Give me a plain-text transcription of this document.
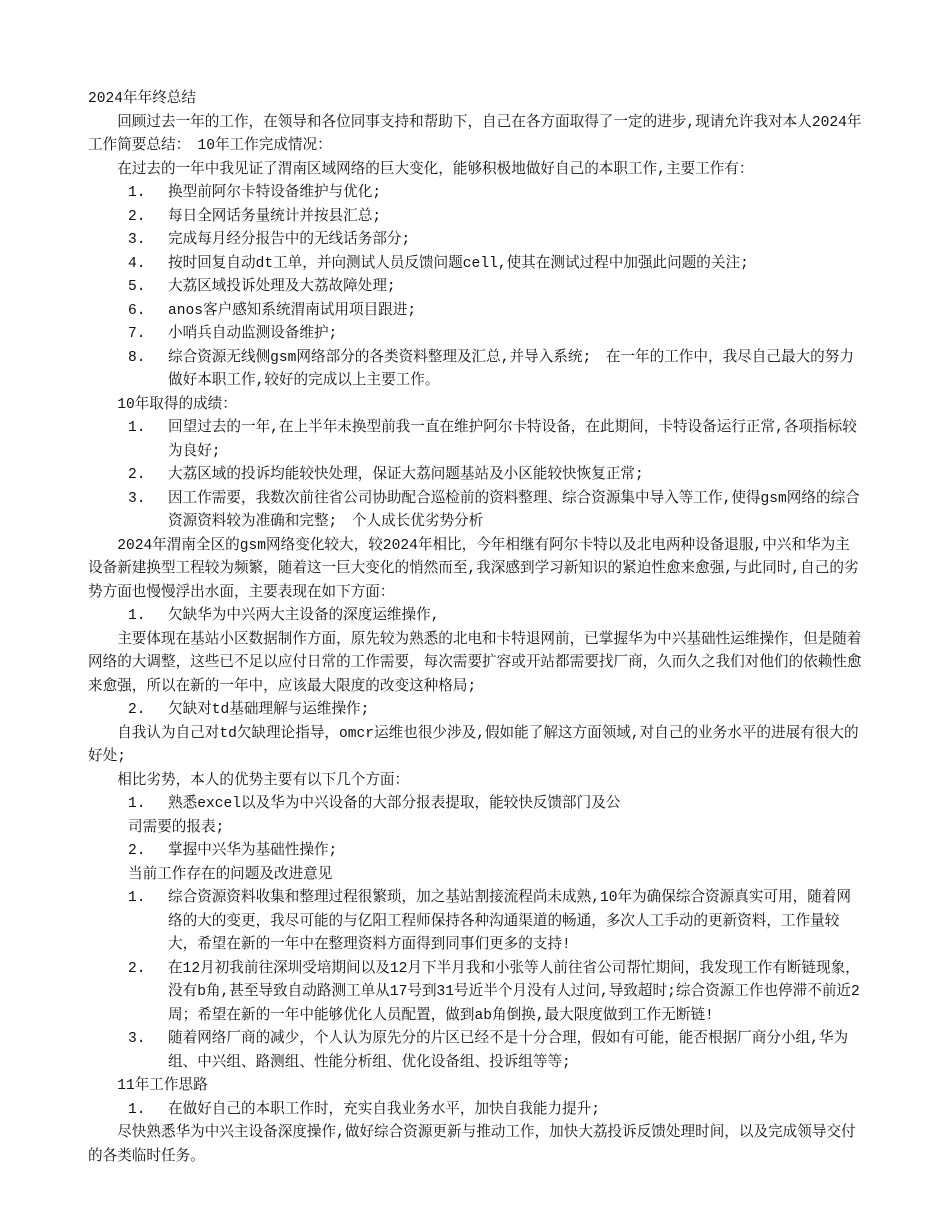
2024年年终总结

回顾过去一年的工作，在领导和各位同事支持和帮助下，自己在各方面取得了一定的进步,现请允许我对本人2024年工作简要总结：　10年工作完成情况：

在过去的一年中我见证了渭南区域网络的巨大变化，能够积极地做好自己的本职工作,主要工作有：

1.	换型前阿尔卡特设备维护与优化;
2.	每日全网话务量统计并按县汇总;
3.	完成每月经分报告中的无线话务部分;
4.	按时回复自动dt工单，并向测试人员反馈问题cell,使其在测试过程中加强此问题的关注;
5.	大荔区域投诉处理及大荔故障处理;
6.	anos客户感知系统渭南试用项目跟进;
7.	小哨兵自动监测设备维护;
8.	综合资源无线侧gsm网络部分的各类资料整理及汇总,并导入系统;　在一年的工作中，我尽自己最大的努力做好本职工作,较好的完成以上主要工作。

10年取得的成绩：

1.	回望过去的一年,在上半年未换型前我一直在维护阿尔卡特设备，在此期间，卡特设备运行正常,各项指标较为良好;
2.	大荔区域的投诉均能较快处理，保证大荔问题基站及小区能较快恢复正常;
3.	因工作需要，我数次前往省公司协助配合巡检前的资料整理、综合资源集中导入等工作,使得gsm网络的综合资源资料较为准确和完整;　个人成长优劣势分析

2024年渭南全区的gsm网络变化较大，较2024年相比，今年相继有阿尔卡特以及北电两种设备退服,中兴和华为主设备新建换型工程较为频繁，随着这一巨大变化的悄然而至,我深感到学习新知识的紧迫性愈来愈强,与此同时,自己的劣势方面也慢慢浮出水面，主要表现在如下方面：

1.	欠缺华为中兴两大主设备的深度运维操作,

主要体现在基站小区数据制作方面，原先较为熟悉的北电和卡特退网前，已掌握华为中兴基础性运维操作，但是随着网络的大调整，这些已不足以应付日常的工作需要，每次需要扩容或开站都需要找厂商，久而久之我们对他们的依赖性愈来愈强，所以在新的一年中，应该最大限度的改变这种格局;

2.	欠缺对td基础理解与运维操作;

自我认为自己对td欠缺理论指导，omcr运维也很少涉及,假如能了解这方面领域,对自己的业务水平的进展有很大的好处;

相比劣势，本人的优势主要有以下几个方面：

1.	熟悉excel以及华为中兴设备的大部分报表提取，能较快反馈部门及公

司需要的报表;

2.	掌握中兴华为基础性操作;

当前工作存在的问题及改进意见

1.	综合资源资料收集和整理过程很繁琐，加之基站割接流程尚未成熟,10年为确保综合资源真实可用，随着网络的大的变更，我尽可能的与亿阳工程师保持各种沟通渠道的畅通，多次人工手动的更新资料，工作量较大，希望在新的一年中在整理资料方面得到同事们更多的支持!
2.	在12月初我前往深圳受培期间以及12月下半月我和小张等人前往省公司帮忙期间，我发现工作有断链现象，没有b角,甚至导致自动路测工单从17号到31号近半个月没有人过问,导致超时;综合资源工作也停滞不前近2周；希望在新的一年中能够优化人员配置，做到ab角倒换,最大限度做到工作无断链!
3.	随着网络厂商的减少，个人认为原先分的片区已经不是十分合理，假如有可能，能否根据厂商分小组,华为组、中兴组、路测组、性能分析组、优化设备组、投诉组等等;

11年工作思路

1.	在做好自己的本职工作时，充实自我业务水平，加快自我能力提升;

尽快熟悉华为中兴主设备深度操作,做好综合资源更新与推动工作，加快大荔投诉反馈处理时间，以及完成领导交付的各类临时任务。
